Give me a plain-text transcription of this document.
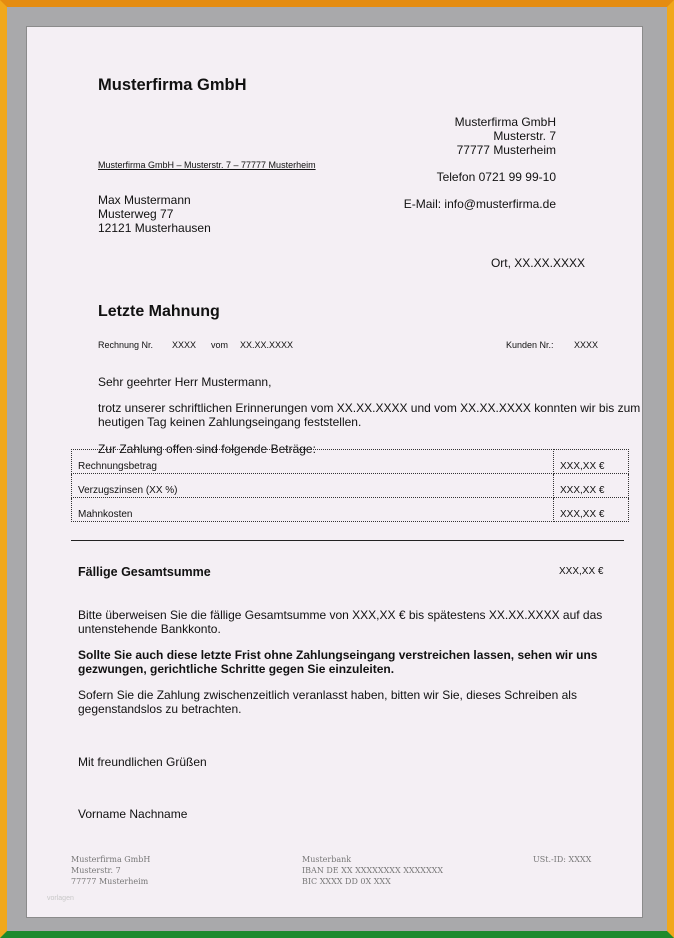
Musterfirma GmbH
Musterfirma GmbH
Musterstr. 7
77777 Musterheim
Musterfirma GmbH – Musterstr. 7 – 77777 Musterheim
Telefon 0721 99 99-10
Max Mustermann
Musterweg 77
12121 Musterhausen
E-Mail: info@musterfirma.de
Ort, XX.XX.XXXX
Letzte Mahnung
Rechnung Nr. XXXX vom XX.XX.XXXX	Kunden Nr.: XXXX
Sehr geehrter Herr Mustermann,
trotz unserer schriftlichen Erinnerungen vom XX.XX.XXXX und vom XX.XX.XXXX konnten wir bis zum heutigen Tag keinen Zahlungseingang feststellen.
Zur Zahlung offen sind folgende Beträge:
Rechnungsbetrag	XXX,XX €
Verzugszinsen (XX %)	XXX,XX €
Mahnkosten	XXX,XX €
Fällige Gesamtsumme	XXX,XX €
Bitte überweisen Sie die fällige Gesamtsumme von XXX,XX € bis spätestens XX.XX.XXXX auf das untenstehende Bankkonto.
Sollte Sie auch diese letzte Frist ohne Zahlungseingang verstreichen lassen, sehen wir uns gezwungen, gerichtliche Schritte gegen Sie einzuleiten.
Sofern Sie die Zahlung zwischenzeitlich veranlasst haben, bitten wir Sie, dieses Schreiben als gegenstandslos zu betrachten.
Mit freundlichen Grüßen
Vorname Nachname
Musterfirma GmbH
Musterstr. 7
77777 Musterheim
Musterbank
IBAN DE XX XXXXXXXX XXXXXXX
BIC XXXX DD 0X XXX
USt.-ID: XXXX
vorlagen
